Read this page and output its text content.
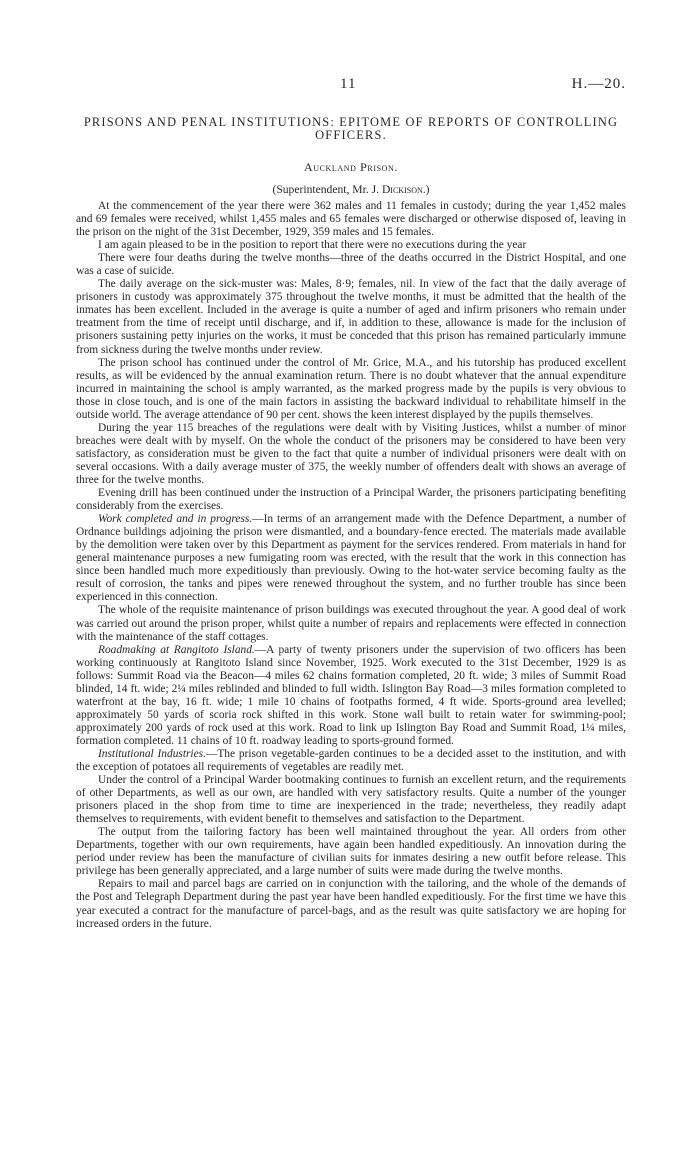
11	H.—20.
PRISONS AND PENAL INSTITUTIONS: EPITOME OF REPORTS OF CONTROLLING OFFICERS.
Auckland Prison.
(Superintendent, Mr. J. Dickison.)

At the commencement of the year there were 362 males and 11 females in custody; during the year 1,452 males and 69 females were received, whilst 1,455 males and 65 females were discharged or otherwise disposed of, leaving in the prison on the night of the 31st December, 1929, 359 males and 15 females.

I am again pleased to be in the position to report that there were no executions during the year

There were four deaths during the twelve months—three of the deaths occurred in the District Hospital, and one was a case of suicide.

The daily average on the sick-muster was: Males, 8·9; females, nil. In view of the fact that the daily average of prisoners in custody was approximately 375 throughout the twelve months, it must be admitted that the health of the inmates has been excellent. Included in the average is quite a number of aged and infirm prisoners who remain under treatment from the time of receipt until discharge, and if, in addition to these, allowance is made for the inclusion of prisoners sustaining petty injuries on the works, it must be conceded that this prison has remained particularly immune from sickness during the twelve months under review.

The prison school has continued under the control of Mr. Grice, M.A., and his tutorship has produced excellent results, as will be evidenced by the annual examination return. There is no doubt whatever that the annual expenditure incurred in maintaining the school is amply warranted, as the marked progress made by the pupils is very obvious to those in close touch, and is one of the main factors in assisting the backward individual to rehabilitate himself in the outside world. The average attendance of 90 per cent. shows the keen interest displayed by the pupils themselves.

During the year 115 breaches of the regulations were dealt with by Visiting Justices, whilst a number of minor breaches were dealt with by myself. On the whole the conduct of the prisoners may be considered to have been very satisfactory, as consideration must be given to the fact that quite a number of individual prisoners were dealt with on several occasions. With a daily average muster of 375, the weekly number of offenders dealt with shows an average of three for the twelve months.

Evening drill has been continued under the instruction of a Principal Warder, the prisoners participating benefiting considerably from the exercises.

Work completed and in progress.—In terms of an arrangement made with the Defence Department, a number of Ordnance buildings adjoining the prison were dismantled, and a boundary-fence erected. The materials made available by the demolition were taken over by this Department as payment for the services rendered. From materials in hand for general maintenance purposes a new fumigating room was erected, with the result that the work in this connection has since been handled much more expeditiously than previously. Owing to the hot-water service becoming faulty as the result of corrosion, the tanks and pipes were renewed throughout the system, and no further trouble has since been experienced in this connection.

The whole of the requisite maintenance of prison buildings was executed throughout the year. A good deal of work was carried out around the prison proper, whilst quite a number of repairs and replacements were effected in connection with the maintenance of the staff cottages.

Roadmaking at Rangitoto Island.—A party of twenty prisoners under the supervision of two officers has been working continuously at Rangitoto Island since November, 1925. Work executed to the 31st December, 1929 is as follows: Summit Road via the Beacon—4 miles 62 chains formation completed, 20 ft. wide; 3 miles of Summit Road blinded, 14 ft. wide; 2¼ miles reblinded and blinded to full width. Islington Bay Road—3 miles formation completed to waterfront at the bay, 16 ft. wide; 1 mile 10 chains of footpaths formed, 4 ft wide. Sports-ground area levelled; approximately 50 yards of scoria rock shifted in this work. Stone wall built to retain water for swimming-pool; approximately 200 yards of rock used at this work. Road to link up Islington Bay Road and Summit Road, 1¼ miles, formation completed. 11 chains of 10 ft. roadway leading to sports-ground formed.

Institutional Industries.—The prison vegetable-garden continues to be a decided asset to the institution, and with the exception of potatoes all requirements of vegetables are readily met.

Under the control of a Principal Warder bootmaking continues to furnish an excellent return, and the requirements of other Departments, as well as our own, are handled with very satisfactory results. Quite a number of the younger prisoners placed in the shop from time to time are inexperienced in the trade; nevertheless, they readily adapt themselves to requirements, with evident benefit to themselves and satisfaction to the Department.

The output from the tailoring factory has been well maintained throughout the year. All orders from other Departments, together with our own requirements, have again been handled expeditiously. An innovation during the period under review has been the manufacture of civilian suits for inmates desiring a new outfit before release. This privilege has been generally appreciated, and a large number of suits were made during the twelve months.

Repairs to mail and parcel bags are carried on in conjunction with the tailoring, and the whole of the demands of the Post and Telegraph Department during the past year have been handled expeditiously. For the first time we have this year executed a contract for the manufacture of parcel-bags, and as the result was quite satisfactory we are hoping for increased orders in the future.
